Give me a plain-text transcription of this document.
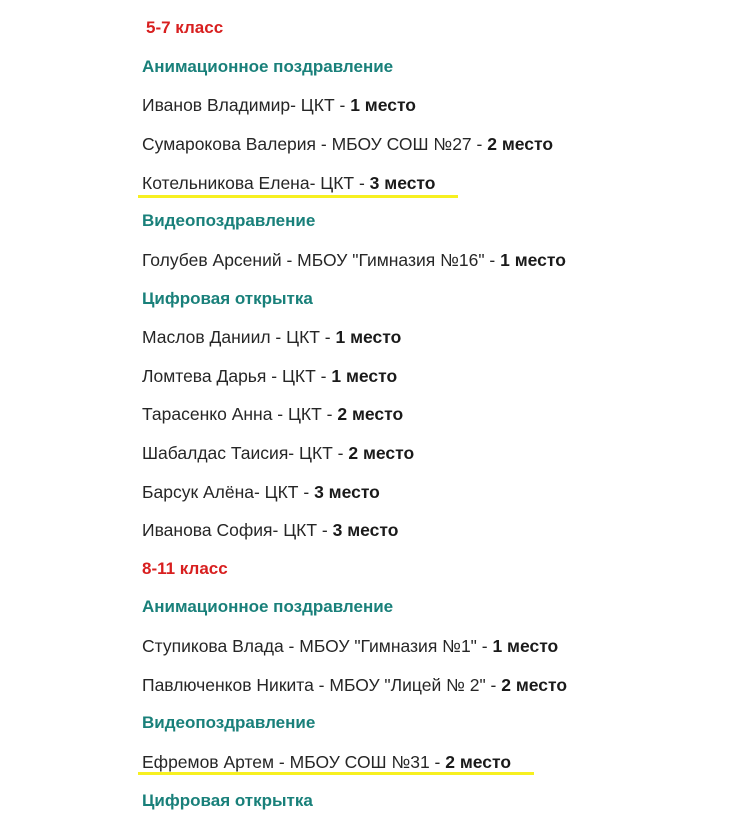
5-7 класс
Анимационное поздравление
Иванов Владимир- ЦКТ - 1 место
Сумарокова Валерия - МБОУ СОШ №27 - 2 место
Котельникова Елена- ЦКТ - 3 место
Видеопоздравление
Голубев Арсений - МБОУ "Гимназия №16" - 1 место
Цифровая открытка
Маслов Даниил - ЦКТ - 1 место
Ломтева Дарья - ЦКТ - 1 место
Тарасенко Анна - ЦКТ - 2 место
Шабалдас Таисия- ЦКТ - 2 место
Барсук Алёна- ЦКТ - 3 место
Иванова София- ЦКТ - 3 место
8-11 класс
Анимационное поздравление
Ступикова Влада - МБОУ "Гимназия №1" - 1 место
Павлюченков Никита - МБОУ "Лицей № 2" - 2 место
Видеопоздравление
Ефремов Артем - МБОУ СОШ №31 - 2 место
Цифровая открытка
